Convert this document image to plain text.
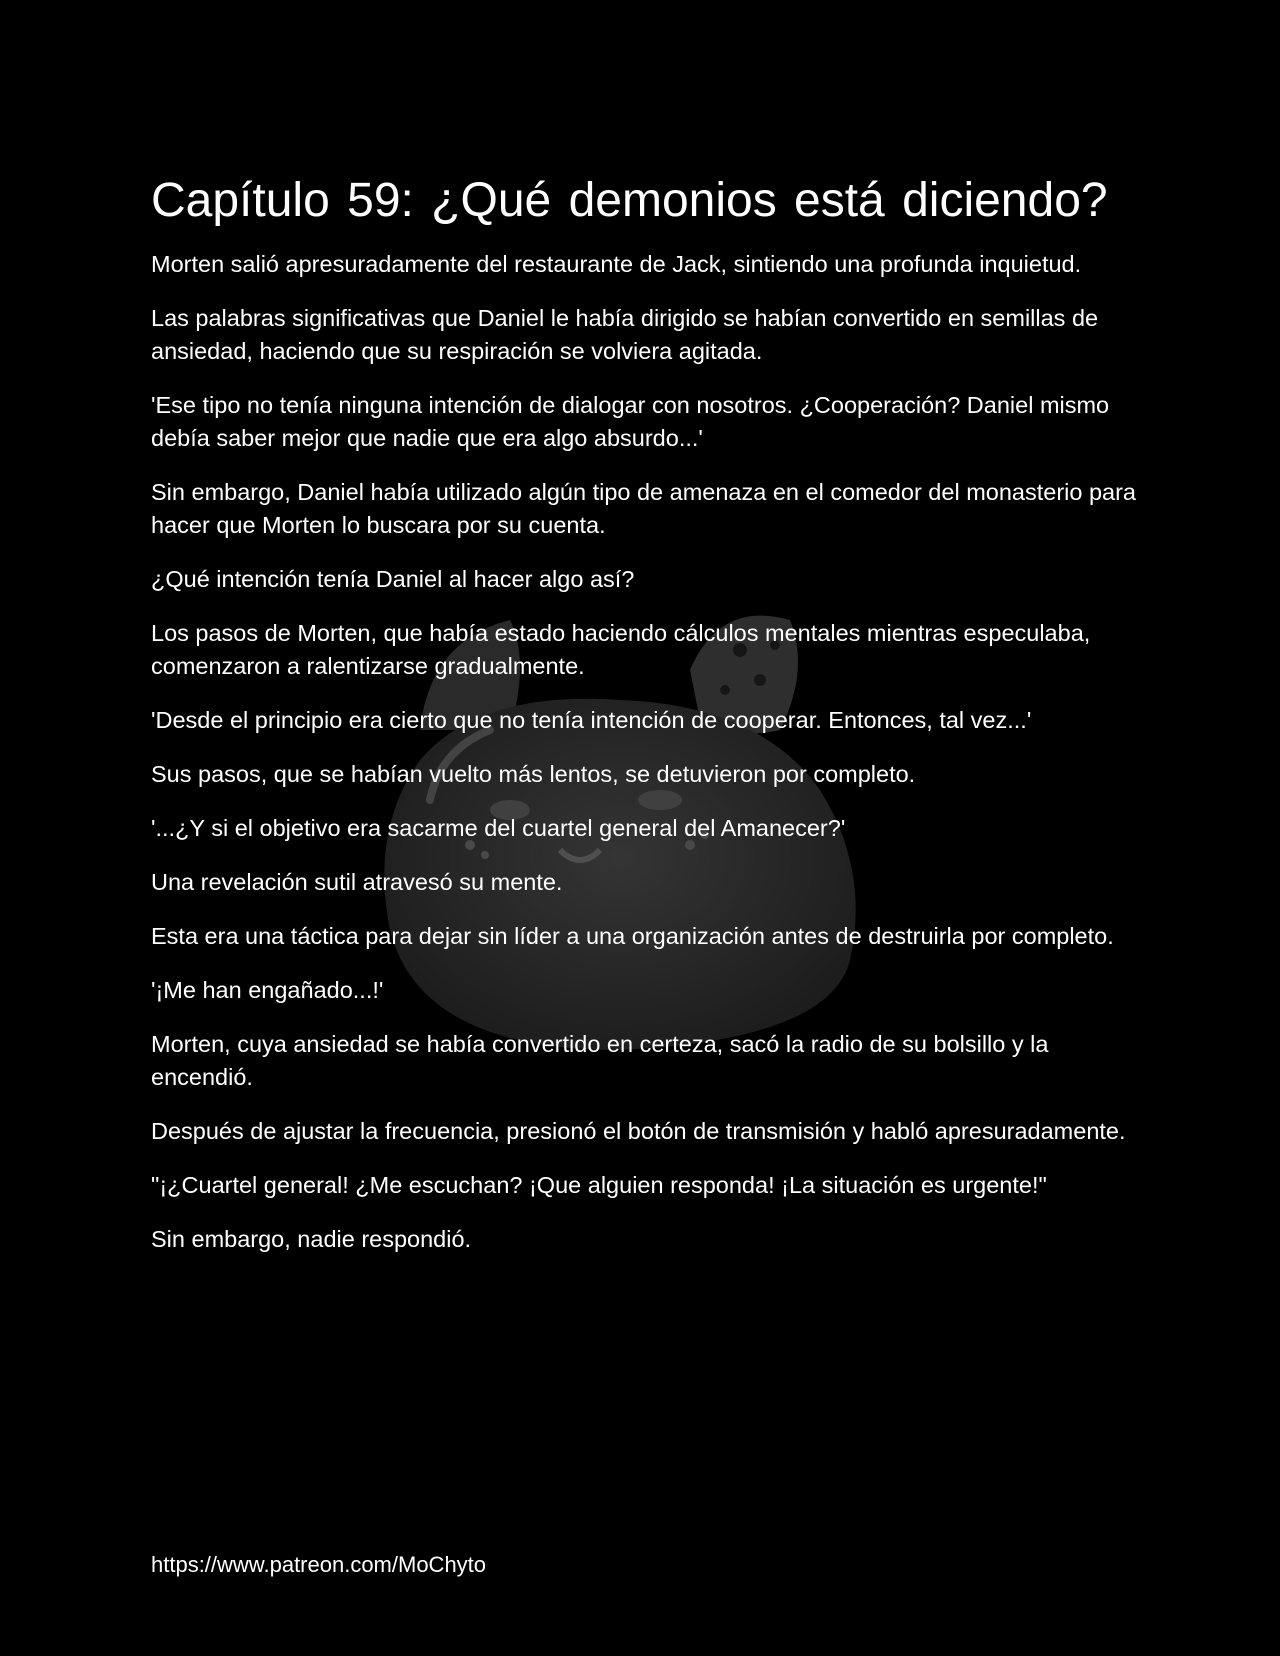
Capítulo 59: ¿Qué demonios está diciendo?

Morten salió apresuradamente del restaurante de Jack, sintiendo una profunda inquietud.

Las palabras significativas que Daniel le había dirigido se habían convertido en semillas de ansiedad, haciendo que su respiración se volviera agitada.

'Ese tipo no tenía ninguna intención de dialogar con nosotros. ¿Cooperación? Daniel mismo debía saber mejor que nadie que era algo absurdo...'

Sin embargo, Daniel había utilizado algún tipo de amenaza en el comedor del monasterio para hacer que Morten lo buscara por su cuenta.

¿Qué intención tenía Daniel al hacer algo así?

Los pasos de Morten, que había estado haciendo cálculos mentales mientras especulaba, comenzaron a ralentizarse gradualmente.

'Desde el principio era cierto que no tenía intención de cooperar. Entonces, tal vez...'

Sus pasos, que se habían vuelto más lentos, se detuvieron por completo.

'...¿Y si el objetivo era sacarme del cuartel general del Amanecer?'

Una revelación sutil atravesó su mente.

Esta era una táctica para dejar sin líder a una organización antes de destruirla por completo.

'¡Me han engañado...!'

Morten, cuya ansiedad se había convertido en certeza, sacó la radio de su bolsillo y la encendió.

Después de ajustar la frecuencia, presionó el botón de transmisión y habló apresuradamente.

"¡¿Cuartel general! ¿Me escuchan? ¡Que alguien responda! ¡La situación es urgente!"

Sin embargo, nadie respondió.

https://www.patreon.com/MoChyto
